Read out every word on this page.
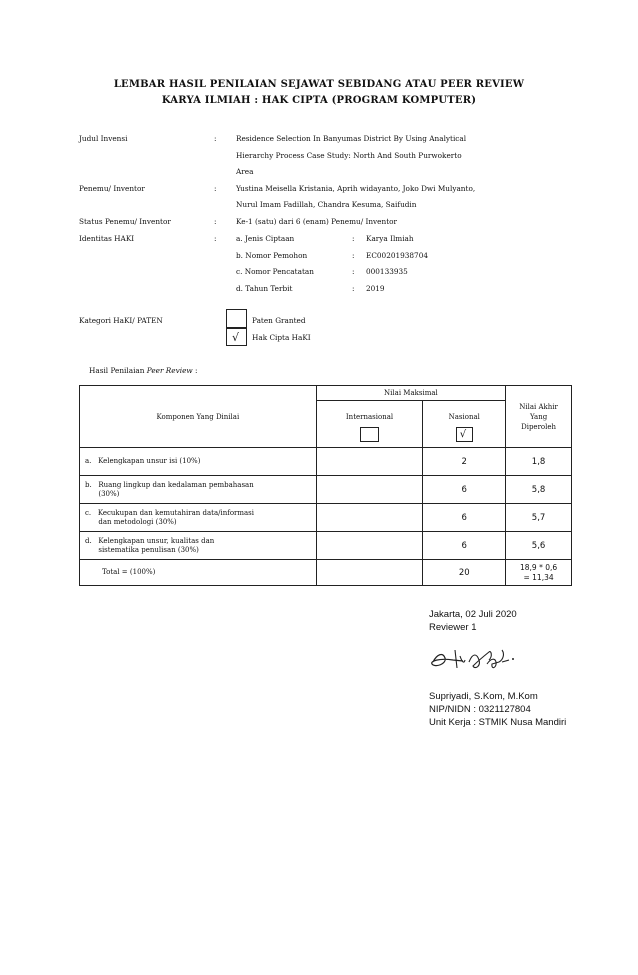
LEMBAR HASIL PENILAIAN SEJAWAT SEBIDANG ATAU PEER REVIEW
KARYA ILMIAH : HAK CIPTA (PROGRAM KOMPUTER)
Judul Invensi	:	Residence Selection In Banyumas District By Using Analytical
Hierarchy Process Case Study: North And South Purwokerto
Area
Penemu/ Inventor	:	Yustina Meisella Kristania, Aprih widayanto, Joko Dwi Mulyanto,
Nurul Imam Fadillah, Chandra Kesuma, Saifudin
Status Penemu/ Inventor	:	Ke-1 (satu) dari 6 (enam) Penemu/ Inventor
Identitas HAKI	:	a. Jenis Ciptaan	: Karya Ilmiah
b. Nomor Pemohon	: EC00201938704
c. Nomor Pencatatan	: 000133935
d. Tahun Terbit	: 2019
Kategori HaKI/ PATEN	Paten Granted
√ Hak Cipta HaKI
Hasil Penilaian Peer Review :
Komponen Yang Dinilai	Nilai Maksimal		Nilai Akhir
Yang
Diperoleh

	Internasional	Nasional
√	

a.   Kelengkapan unsur isi (10%)		2	1,8

b.   Ruang lingkup dan kedalaman pembahasan
(30%)		6	5,8

c.   Kecukupan dan kemutahiran data/informasi
dan metodologi (30%)		6	5,7

d.   Kelengkapan unsur, kualitas dan
sistematika penulisan (30%)		6	5,6
Total = (100%)		20	18,9 * 0,6
= 11,34
Jakarta, 02 Juli 2020
Reviewer 1
Supriyadi, S.Kom, M.Kom
NIP/NIDN : 0321127804
Unit Kerja : STMIK Nusa Mandiri
